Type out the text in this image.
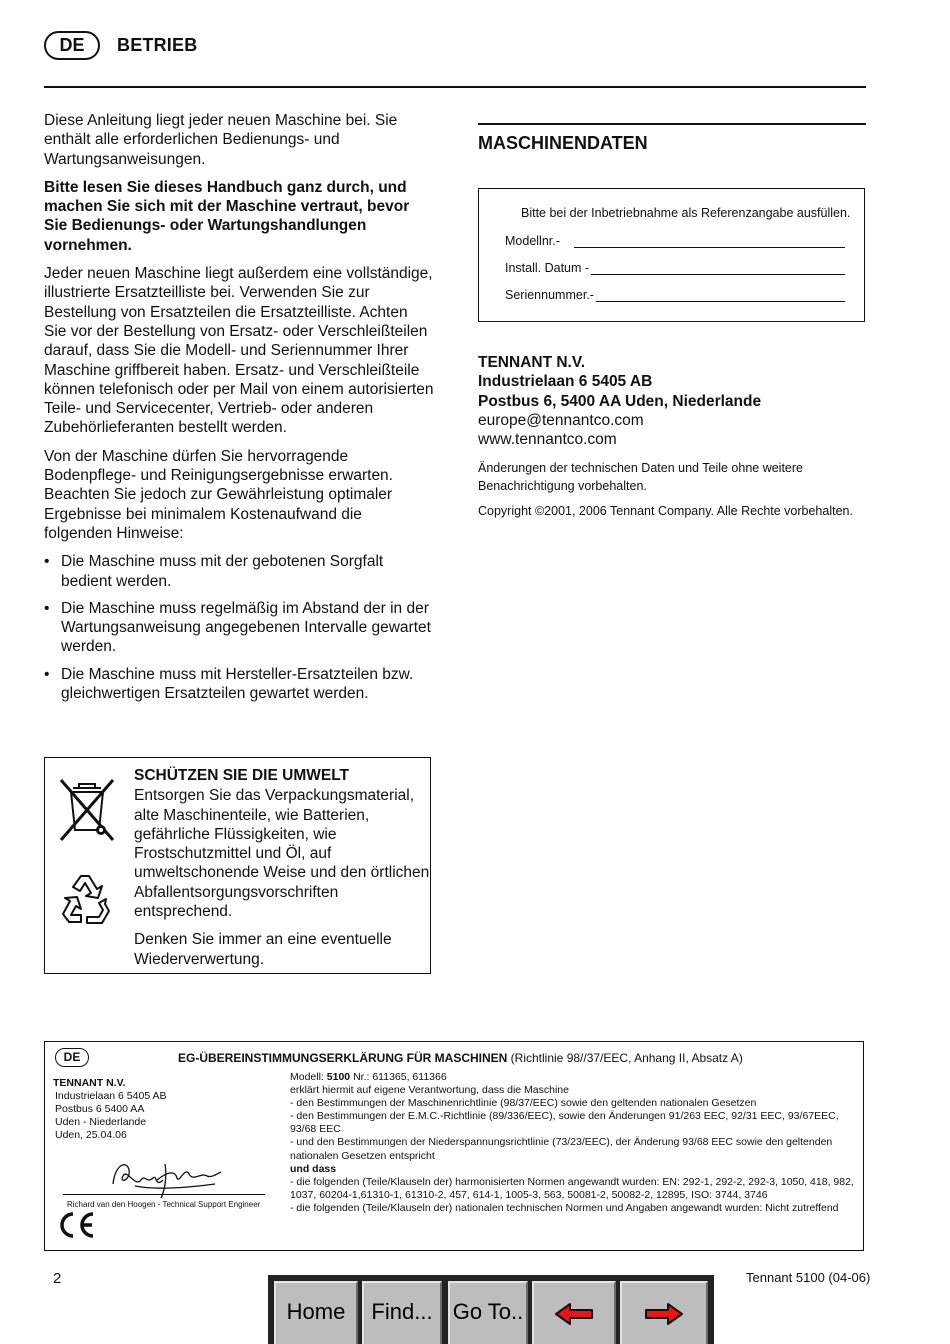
DE	BETRIEB

Diese Anleitung liegt jeder neuen Maschine bei. Sie enthält alle erforderlichen Bedienungs- und Wartungsanweisungen.

Bitte lesen Sie dieses Handbuch ganz durch, und machen Sie sich mit der Maschine vertraut, bevor Sie Bedienungs- oder Wartungshandlungen vornehmen.

Jeder neuen Maschine liegt außerdem eine vollständige, illustrierte Ersatzteilliste bei. Verwenden Sie zur Bestellung von Ersatzteilen die Ersatzteilliste. Achten Sie vor der Bestellung von Ersatz- oder Verschleißteilen darauf, dass Sie die Modell- und Seriennummer Ihrer Maschine griffbereit haben. Ersatz- und Verschleißteile können telefonisch oder per Mail von einem autorisierten Teile- und Servicecenter, Vertrieb- oder anderen Zubehörlieferanten bestellt werden.

Von der Maschine dürfen Sie hervorragende Bodenpflege- und Reinigungsergebnisse erwarten. Beachten Sie jedoch zur Gewährleistung optimaler Ergebnisse bei minimalem Kostenaufwand die folgenden Hinweise:

• Die Maschine muss mit der gebotenen Sorgfalt bedient werden.
• Die Maschine muss regelmäßig im Abstand der in der Wartungsanweisung angegebenen Intervalle gewartet werden.
• Die Maschine muss mit Hersteller-Ersatzteilen bzw. gleichwertigen Ersatzteilen gewartet werden.
SCHÜTZEN SIE DIE UMWELT

Entsorgen Sie das Verpackungsmaterial, alte Maschinenteile, wie Batterien, gefährliche Flüssigkeiten, wie Frostschutzmittel und Öl, auf umweltschonende Weise und den örtlichen Abfallentsorgungsvorschriften entsprechend.

Denken Sie immer an eine eventuelle Wiederverwertung.

MASCHINENDATEN
Bitte bei der Inbetriebnahme als Referenzangabe ausfüllen.
Modellnr.-
Install. Datum -
Seriennummer.-
TENNANT N.V.
Industrielaan 6 5405 AB
Postbus 6, 5400 AA Uden, Niederlande
europe@tennantco.com
www.tennantco.com
Änderungen der technischen Daten und Teile ohne weitere Benachrichtigung vorbehalten.
Copyright ©2001, 2006 Tennant Company. Alle Rechte vorbehalten.
DE	EG-ÜBEREINSTIMMUNGSERKLÄRUNG FÜR MASCHINEN (Richtlinie 98//37/EEC, Anhang II, Absatz A)
TENNANT N.V.
Industrielaan 6 5405 AB
Postbus 6 5400 AA
Uden - Niederlande
Uden, 25.04.06
Richard van den Hoogen - Technical Support Engineer
Modell: 5100 Nr.: 611365, 611366
erklärt hiermit auf eigene Verantwortung, dass die Maschine
- den Bestimmungen der Maschinenrichtlinie (98/37/EEC) sowie den geltenden nationalen Gesetzen
- den Bestimmungen der E.M.C.-Richtlinie (89/336/EEC), sowie den Änderungen 91/263 EEC, 92/31 EEC, 93/67EEC, 93/68 EEC
- und den Bestimmungen der Niederspannungsrichtlinie (73/23/EEC), der Änderung 93/68 EEC sowie den geltenden nationalen Gesetzen entspricht
und dass
- die folgenden (Teile/Klauseln der) harmonisierten Normen angewandt wurden: EN: 292-1, 292-2, 292-3, 1050, 418, 982, 1037, 60204-1,61310-1, 61310-2, 457, 614-1, 1005-3, 563, 50081-2, 50082-2, 12895, ISO: 3744, 3746
- die folgenden (Teile/Klauseln der) nationalen technischen Normen und Angaben angewandt wurden: Nicht zutreffend
2	Tennant 5100 (04-06)
Home	Find... Go To..
